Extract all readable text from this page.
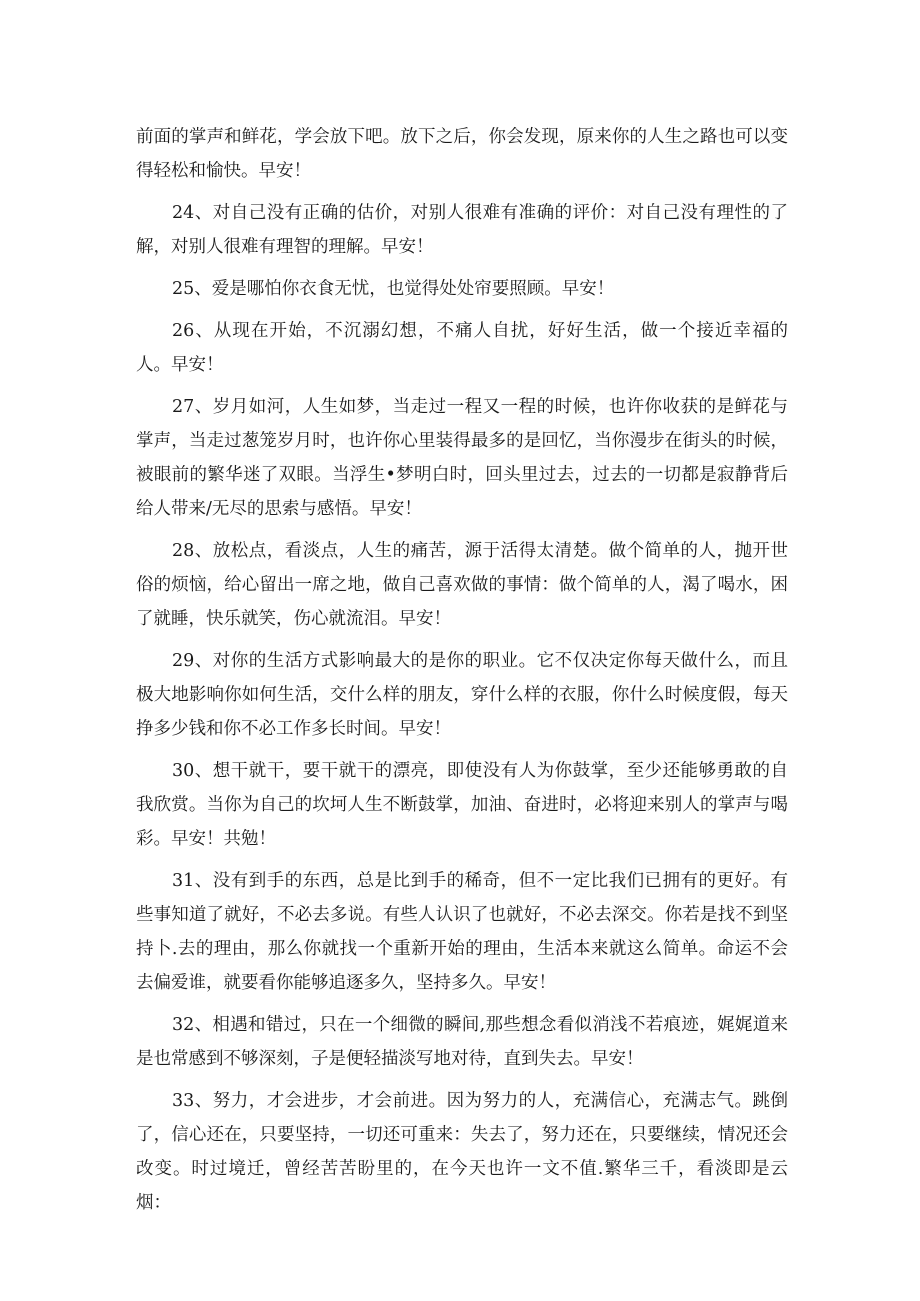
前面的掌声和鲜花，学会放下吧。放下之后，你会发现，原来你的人生之路也可以变得轻松和愉快。早安！

24、对自己没有正确的估价，对别人很难有准确的评价：对自己没有理性的了解，对别人很难有理智的理解。早安！

25、爱是哪怕你衣食无忧，也觉得处处帘要照顾。早安！

26、从现在开始，不沉溺幻想，不痛人自扰，好好生活，做一个接近幸福的人。早安！

27、岁月如河，人生如梦，当走过一程又一程的时候，也许你收获的是鲜花与掌声，当走过葱笼岁月时，也许你心里装得最多的是回忆，当你漫步在街头的时候，被眼前的繁华迷了双眼。当浮生•梦明白时，回头里过去，过去的一切都是寂静背后给人带来/无尽的思索与感悟。早安！

28、放松点，看淡点，人生的痛苦，源于活得太清楚。做个简单的人，抛开世俗的烦恼，给心留出一席之地，做自己喜欢做的事情：做个简单的人，渴了喝水，困了就睡，快乐就笑，伤心就流泪。早安！

29、对你的生活方式影响最大的是你的职业。它不仅决定你每天做什么，而且极大地影响你如何生活，交什么样的朋友，穿什么样的衣服，你什么时候度假，每天挣多少钱和你不必工作多长时间。早安！

30、想干就干，要干就干的漂亮，即使没有人为你鼓掌，至少还能够勇敢的自我欣赏。当你为自己的坎坷人生不断鼓掌，加油、奋进时，必将迎来别人的掌声与喝彩。早安！共勉！

31、没有到手的东西，总是比到手的稀奇，但不一定比我们已拥有的更好。有些事知道了就好，不必去多说。有些人认识了也就好，不必去深交。你若是找不到坚持卜.去的理由，那么你就找一个重新开始的理由，生活本来就这么简单。命运不会去偏爱谁，就要看你能够追逐多久，坚持多久。早安！

32、相遇和错过，只在一个细微的瞬间,那些想念看似消浅不若痕迹，娓娓道来是也常感到不够深刻，子是便轻描淡写地对待，直到失去。早安！

33、努力，才会进步，才会前进。因为努力的人，充满信心，充满志气。跳倒了，信心还在，只要坚持，一切还可重来：失去了，努力还在，只要继续，情况还会改变。时过境迁，曾经苦苦盼里的，在今天也许一文不值.繁华三千，看淡即是云烟：
